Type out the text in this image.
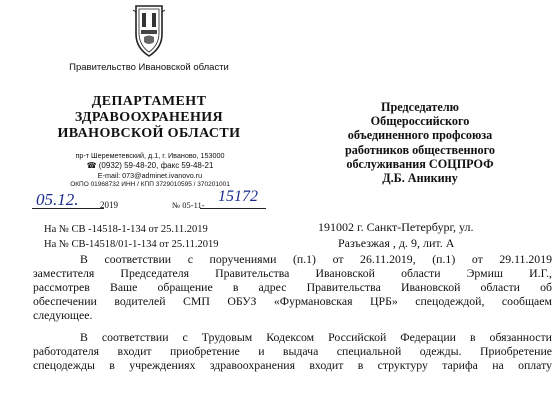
Правительство Ивановской области
ДЕПАРТАМЕНТ
ЗДРАВООХРАНЕНИЯ
ИВАНОВСКОЙ ОБЛАСТИ
пр-т Шереметевский, д.1, г. Иваново, 153000
☎ (0932) 59-48-20, факс 59-48-21
E-mail: 073@adminet.ivanovo.ru
ОКПО 01968732 ИНН / КПП 3729010595 / 370201001
05.12. 2019	№ 05-11- 15172
На № СВ -14518-1-134 от 25.11.2019
На № СВ-14518/01-1-134 от 25.11.2019
Председателю
Общероссийского
объединенного профсоюза
работников общественного
обслуживания СОЦПРОФ
Д.Б. Аникину
191002 г. Санкт-Петербург, ул.
Разъезжая , д. 9, лит. А
В соответствии с поручениями (п.1) от 26.11.2019, (п.1) от 29.11.2019
заместителя Председателя Правительства Ивановской области Эрмиш И.Г.,
рассмотрев Ваше обращение в адрес Правительства Ивановской области об
обеспечении водителей СМП ОБУЗ «Фурмановская ЦРБ» спецодеждой, сообщаем
следующее.
В соответствии с Трудовым Кодексом Российской Федерации в обязанности
работодателя входит приобретение и выдача специальной одежды. Приобретение
спецодежды в учреждениях здравоохранения входит в структуру тарифа на оплату
